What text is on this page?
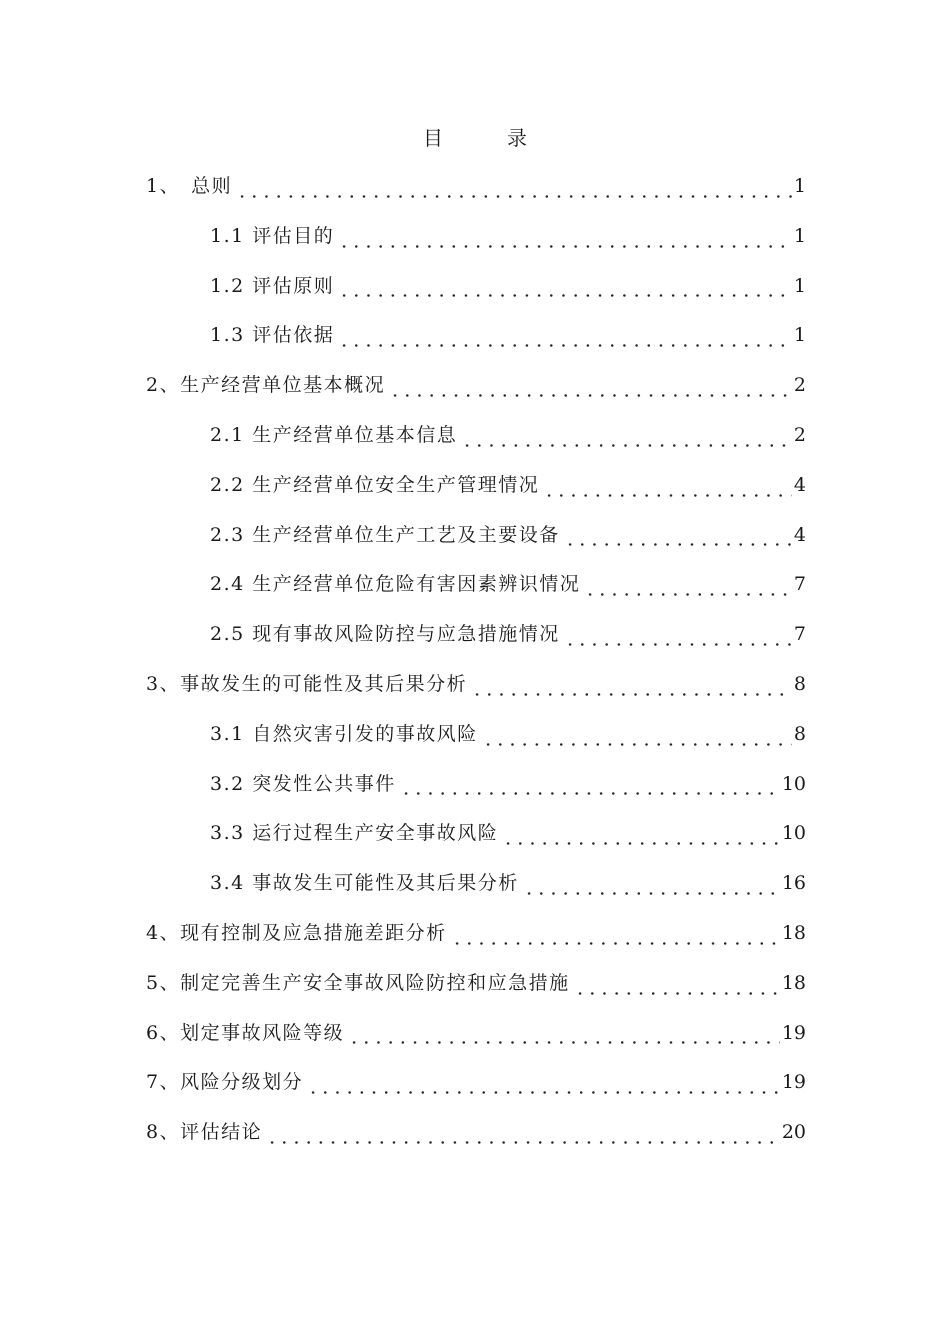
目　录
1、　总则	1
1.1 评估目的	1
1.2 评估原则	1
1.3 评估依据	1
2、生产经营单位基本概况	2
2.1 生产经营单位基本信息	2
2.2 生产经营单位安全生产管理情况	4
2.3 生产经营单位生产工艺及主要设备	4
2.4 生产经营单位危险有害因素辨识情况	7
2.5 现有事故风险防控与应急措施情况	7
3、事故发生的可能性及其后果分析	8
3.1 自然灾害引发的事故风险	8
3.2 突发性公共事件	10
3.3 运行过程生产安全事故风险	10
3.4 事故发生可能性及其后果分析	16
4、现有控制及应急措施差距分析	18
5、制定完善生产安全事故风险防控和应急措施	18
6、划定事故风险等级	19
7、风险分级划分	19
8、评估结论	20
